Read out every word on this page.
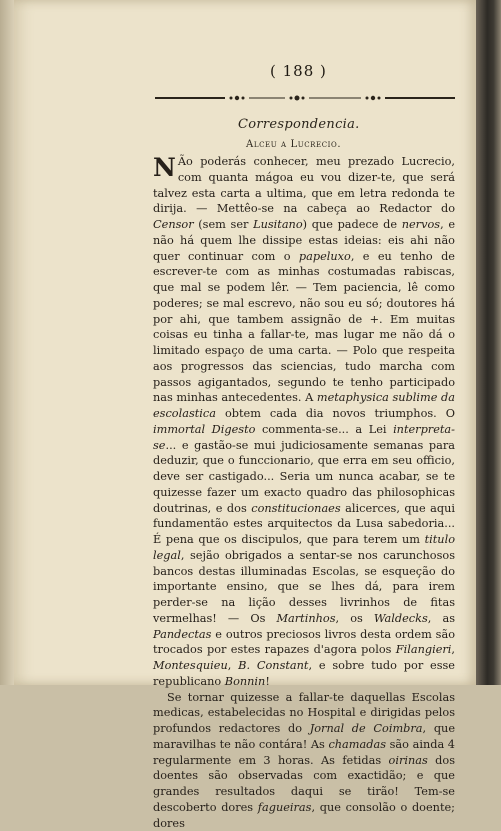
( 188 )
Correspondencia.
Alceu a Lucrecio.

N Ão poderás conhecer, meu prezado Lucrecio, com quanta mágoa eu vou dizer-te, que será talvez esta carta a ultima, que em letra redonda te dirija. — Mettêo-se na cabeça ao Redactor do Censor (sem ser Lusitano) que padece de nervos, e não há quem lhe dissipe estas ideias: eis ahi não quer continuar com o papeluxo, e eu tenho de escrever-te com as minhas costumadas rabiscas, que mal se podem lêr. — Tem paciencia, lê como poderes; se mal escrevo, não sou eu só; doutores há por ahi, que tambem assignão de +. Em muitas coisas eu tinha a fallar-te, mas lugar me não dá o limitado espaço de uma carta. — Polo que respeita aos progressos das sciencias, tudo marcha com passos agigantados, segundo te tenho participado nas minhas antecedentes. A metaphysica sublime da escolastica obtem cada dia novos triumphos. O immortal Digesto commenta-se... a Lei interpreta-se... e gastão-se mui judiciosamente semanas para deduzir, que o funccionario, que erra em seu officio, deve ser castigado... Seria um nunca acabar, se te quizesse fazer um exacto quadro das philosophicas doutrinas, e dos constitucionaes alicerces, que aqui fundamentão estes arquitectos da Lusa sabedoria... É pena que os discipulos, que para terem um titulo legal, sejão obrigados a sentar-se nos carunchosos bancos destas illuminadas Escolas, se esqueção do importante ensino, que se lhes dá, para irem perder-se na lição desses livrinhos de fitas vermelhas! — Os Martinhos, os Waldecks, as Pandectas e outros preciosos livros desta ordem são trocados por estes rapazes d'agora polos Filangieri, Montesquieu, B. Constant, e sobre tudo por esse republicano Bonnin!

Se tornar quizesse a fallar-te daquellas Escolas medicas, estabelecidas no Hospital e dirigidas pelos profundos redactores do Jornal de Coimbra, que maravilhas te não contára! As chamadas são ainda 4 regularmente em 3 horas. As fetidas oirinas dos doentes são observadas com exactidão; e que grandes resultados daqui se tirão! Tem-se descoberto dores fagueiras, que consolão o doente; dores
